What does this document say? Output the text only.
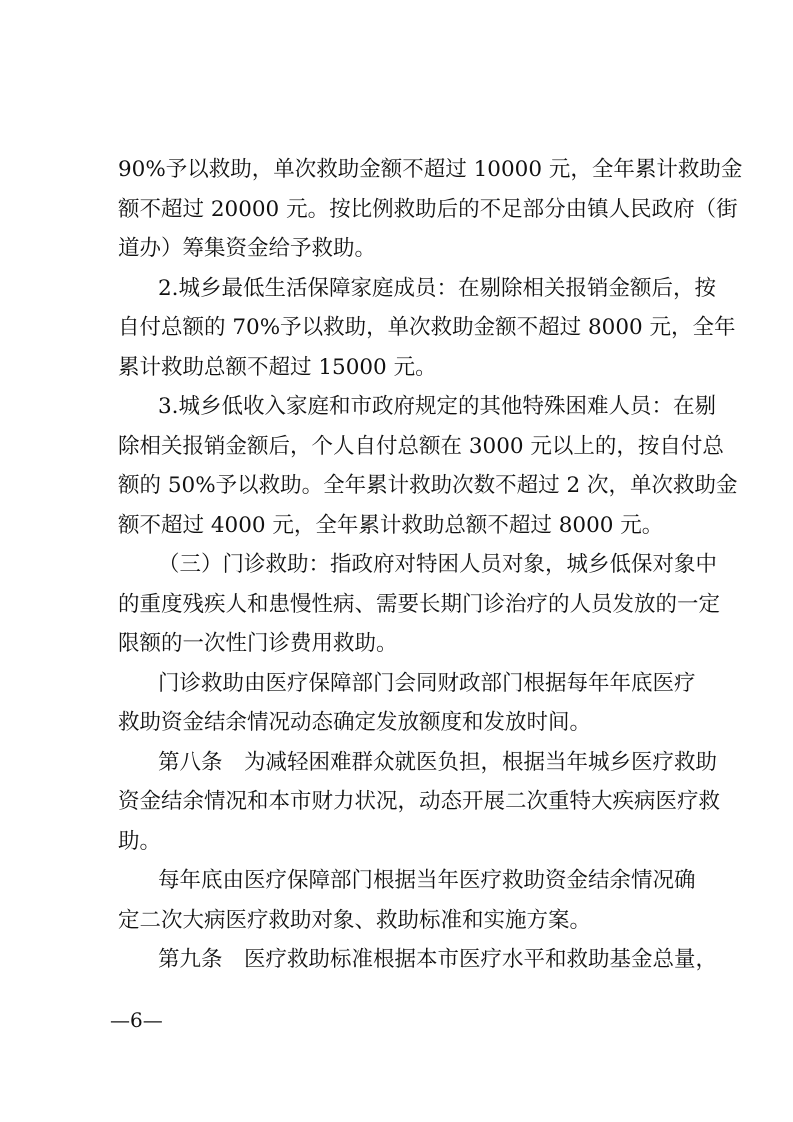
90%予以救助，单次救助金额不超过 10000 元，全年累计救助金
额不超过 20000 元。按比例救助后的不足部分由镇人民政府（街
道办）筹集资金给予救助。
2.城乡最低生活保障家庭成员：在剔除相关报销金额后，按
自付总额的 70%予以救助，单次救助金额不超过 8000 元，全年
累计救助总额不超过 15000 元。
3.城乡低收入家庭和市政府规定的其他特殊困难人员：在剔
除相关报销金额后，个人自付总额在 3000 元以上的，按自付总
额的 50%予以救助。全年累计救助次数不超过 2 次，单次救助金
额不超过 4000 元，全年累计救助总额不超过 8000 元。
（三）门诊救助：指政府对特困人员对象，城乡低保对象中
的重度残疾人和患慢性病、需要长期门诊治疗的人员发放的一定
限额的一次性门诊费用救助。
门诊救助由医疗保障部门会同财政部门根据每年年底医疗
救助资金结余情况动态确定发放额度和发放时间。
第八条　为减轻困难群众就医负担，根据当年城乡医疗救助
资金结余情况和本市财力状况，动态开展二次重特大疾病医疗救
助。
每年底由医疗保障部门根据当年医疗救助资金结余情况确
定二次大病医疗救助对象、救助标准和实施方案。
第九条　医疗救助标准根据本市医疗水平和救助基金总量，
—6—
